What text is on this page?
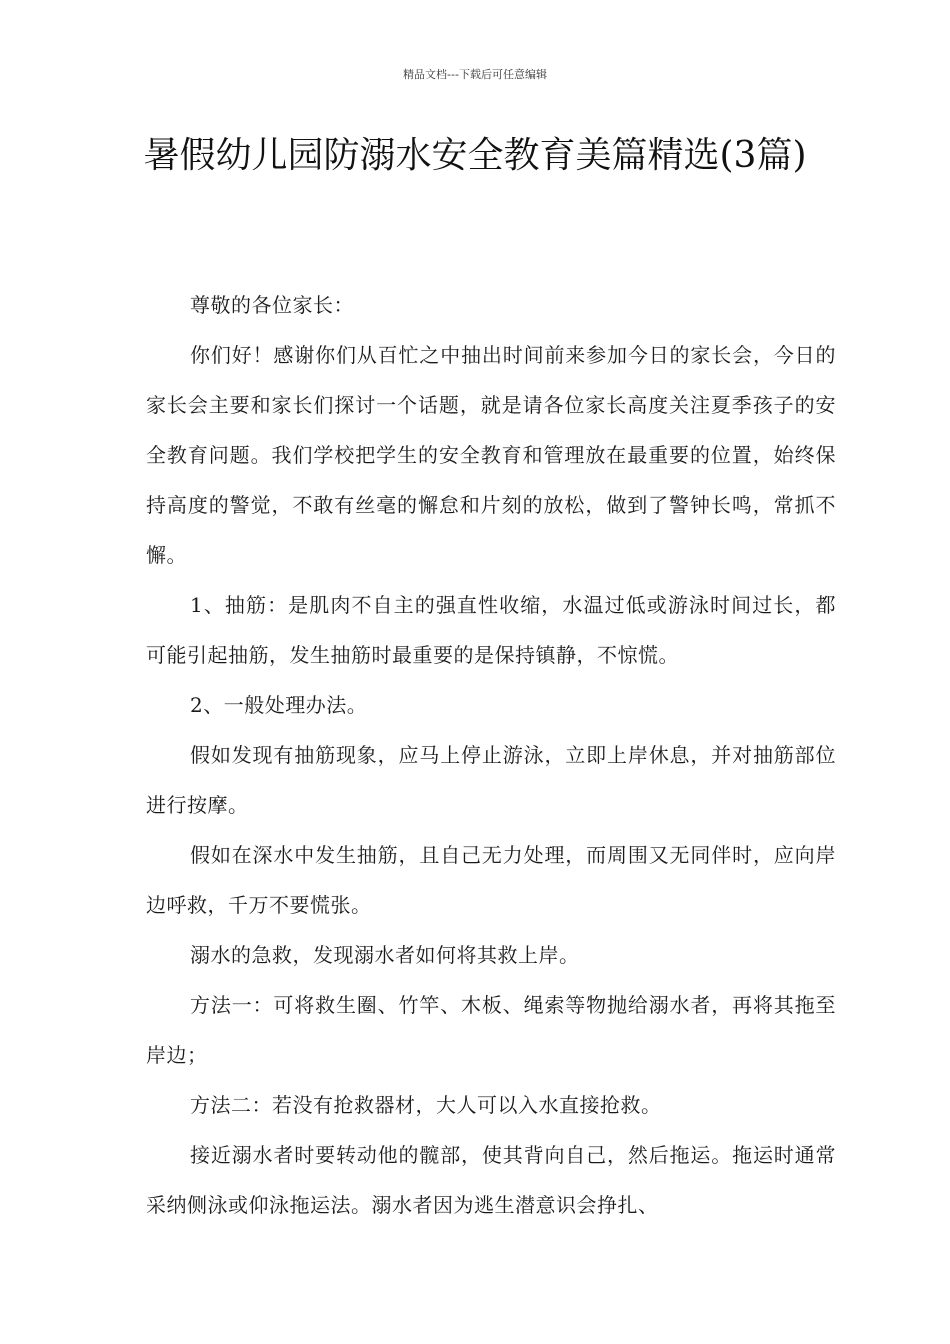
精品文档---下载后可任意编辑
暑假幼儿园防溺水安全教育美篇精选(3篇)

尊敬的各位家长：

你们好！感谢你们从百忙之中抽出时间前来参加今日的家长会，今日的家长会主要和家长们探讨一个话题，就是请各位家长高度关注夏季孩子的安全教育问题。我们学校把学生的安全教育和管理放在最重要的位置，始终保持高度的警觉，不敢有丝毫的懈怠和片刻的放松，做到了警钟长鸣，常抓不懈。

1、抽筋：是肌肉不自主的强直性收缩，水温过低或游泳时间过长，都可能引起抽筋，发生抽筋时最重要的是保持镇静，不惊慌。

2、一般处理办法。

假如发现有抽筋现象，应马上停止游泳，立即上岸休息，并对抽筋部位进行按摩。

假如在深水中发生抽筋，且自己无力处理，而周围又无同伴时，应向岸边呼救，千万不要慌张。

溺水的急救，发现溺水者如何将其救上岸。

方法一：可将救生圈、竹竿、木板、绳索等物抛给溺水者，再将其拖至岸边；

方法二：若没有抢救器材，大人可以入水直接抢救。

接近溺水者时要转动他的髋部，使其背向自己，然后拖运。拖运时通常采纳侧泳或仰泳拖运法。溺水者因为逃生潜意识会挣扎、
